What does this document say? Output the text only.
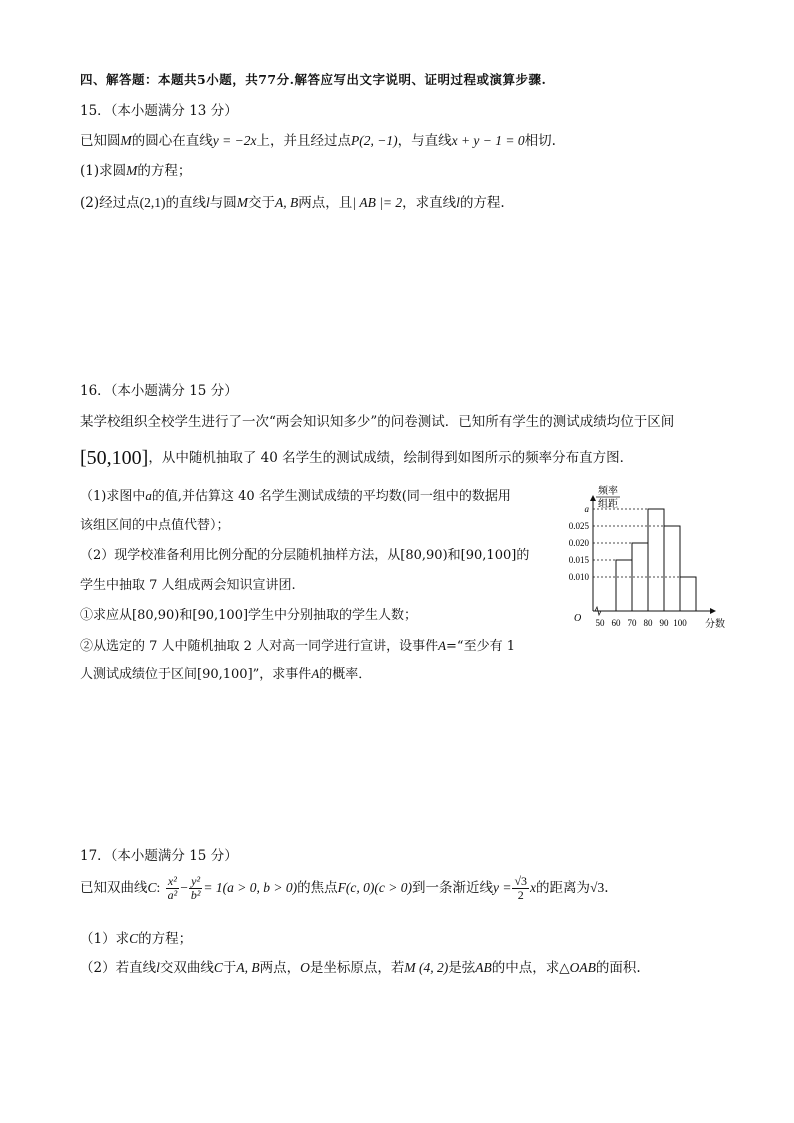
四、解答题：本题共5小题，共77分.解答应写出文字说明、证明过程或演算步骤.
15．（本小题满分 13 分）
已知圆M的圆心在直线y = −2x上，并且经过点P(2, −1)，与直线x + y − 1 = 0相切.
(1)求圆M的方程；
(2)经过点(2,1)的直线l与圆M交于A, B两点，且| AB |= 2，求直线l的方程.
16．（本小题满分 15 分）
某学校组织全校学生进行了一次“两会知识知多少”的问卷测试．已知所有学生的测试成绩均位于区间
[50,100]，从中随机抽取了 40 名学生的测试成绩，绘制得到如图所示的频率分布直方图．
（1)求图中a的值,并估算这 40 名学生测试成绩的平均数(同一组中的数据用
该组区间的中点值代替）；
（2）现学校准备利用比例分配的分层随机抽样方法，从[80,90)和[90,100]的
学生中抽取 7 人组成两会知识宣讲团.
①求应从[80,90)和[90,100]学生中分别抽取的学生人数；
②从选定的 7 人中随机抽取 2 人对高一同学进行宣讲，设事件A=“至少有 1
人测试成绩位于区间[90,100]”，求事件A的概率．
频率
组距
O
分数
a
0.025
0.020
0.015
0.010
50 60 70 80 90 100
17．（本小题满分 15 分）
已知双曲线C: $\frac{\text{x²}}{\text{a²}} - \frac{\text{y²}}{\text{b²}} = 1(a > 0$, b > 0)的焦点F(c, 0)(c > 0)到一条渐近线$y = \frac{√3}{2}$ x的距离为√3.
（1）求C的方程；
（2）若直线l交双曲线C于A, B两点，O是坐标原点，若M (4, 2)是弦AB的中点，求△OAB的面积.
